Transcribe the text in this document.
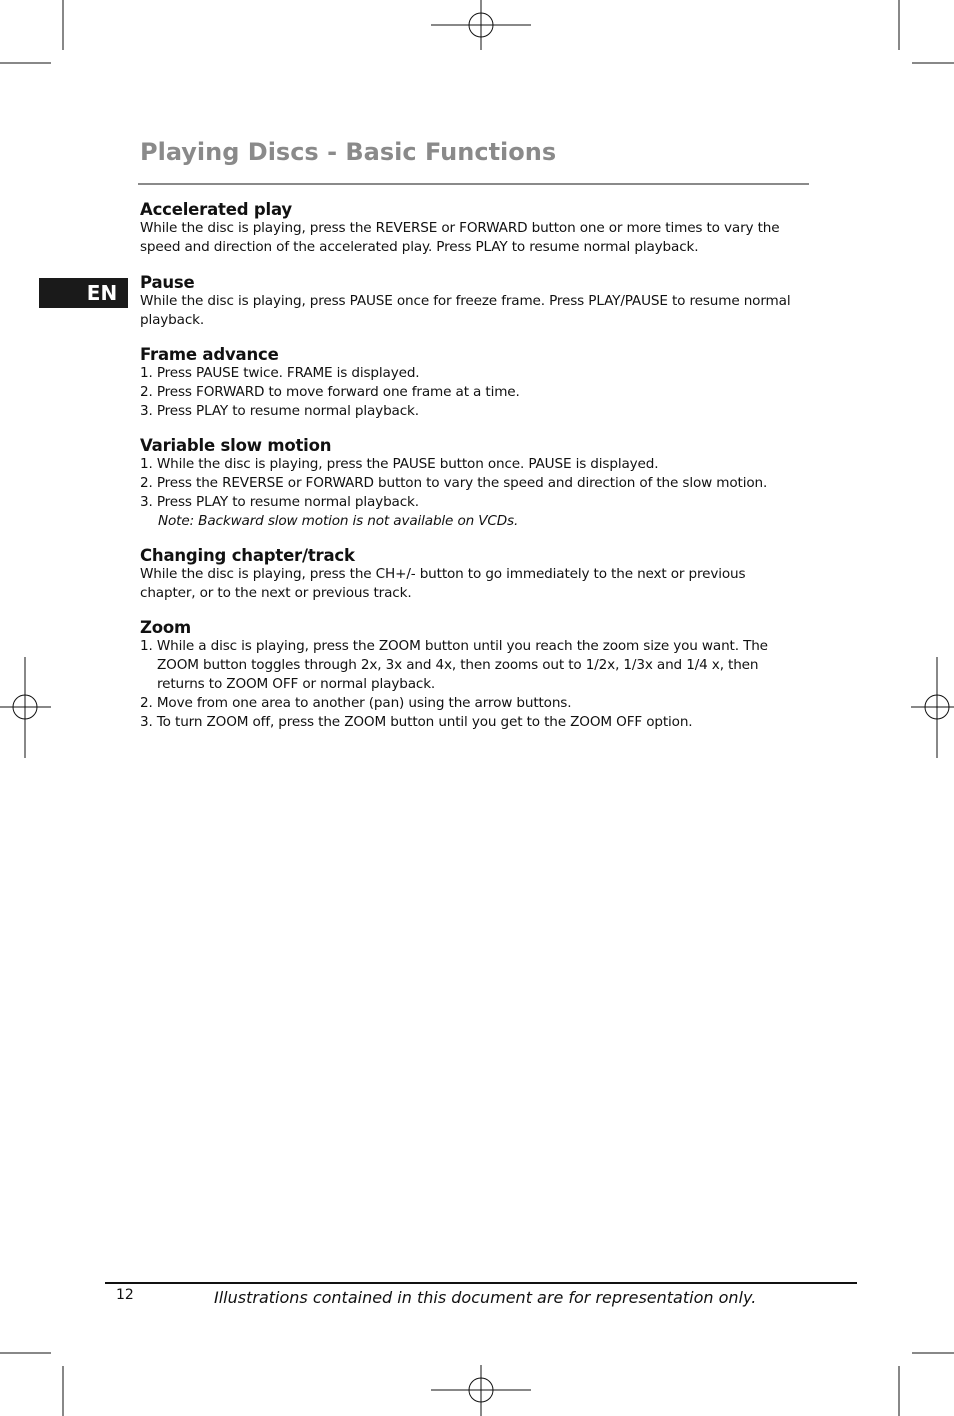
Playing Discs - Basic Functions
EN
Accelerated play

While the disc is playing, press the REVERSE or FORWARD button one or more times to vary the speed and direction of the accelerated play. Press PLAY to resume normal playback.

Pause

While the disc is playing, press PAUSE once for freeze frame. Press PLAY/PAUSE to resume normal playback.

Frame advance
1. Press PAUSE twice. FRAME is displayed.
2. Press FORWARD to move forward one frame at a time.
3. Press PLAY to resume normal playback.
Variable slow motion
1. While the disc is playing, press the PAUSE button once. PAUSE is displayed.
2. Press the REVERSE or FORWARD button to vary the speed and direction of the slow motion.
3. Press PLAY to resume normal playback.

Note: Backward slow motion is not available on VCDs.

Changing chapter/track

While the disc is playing, press the CH+/- button to go immediately to the next or previous chapter, or to the next or previous track.

Zoom
1. While a disc is playing, press the ZOOM button until you reach the zoom size you want. The ZOOM button toggles through 2x, 3x and 4x, then zooms out to 1/2x, 1/3x and 1/4 x, then returns to ZOOM OFF or normal playback.
2. Move from one area to another (pan) using the arrow buttons.
3. To turn ZOOM off, press the ZOOM button until you get to the ZOOM OFF option.
12	Illustrations contained in this document are for representation only.
